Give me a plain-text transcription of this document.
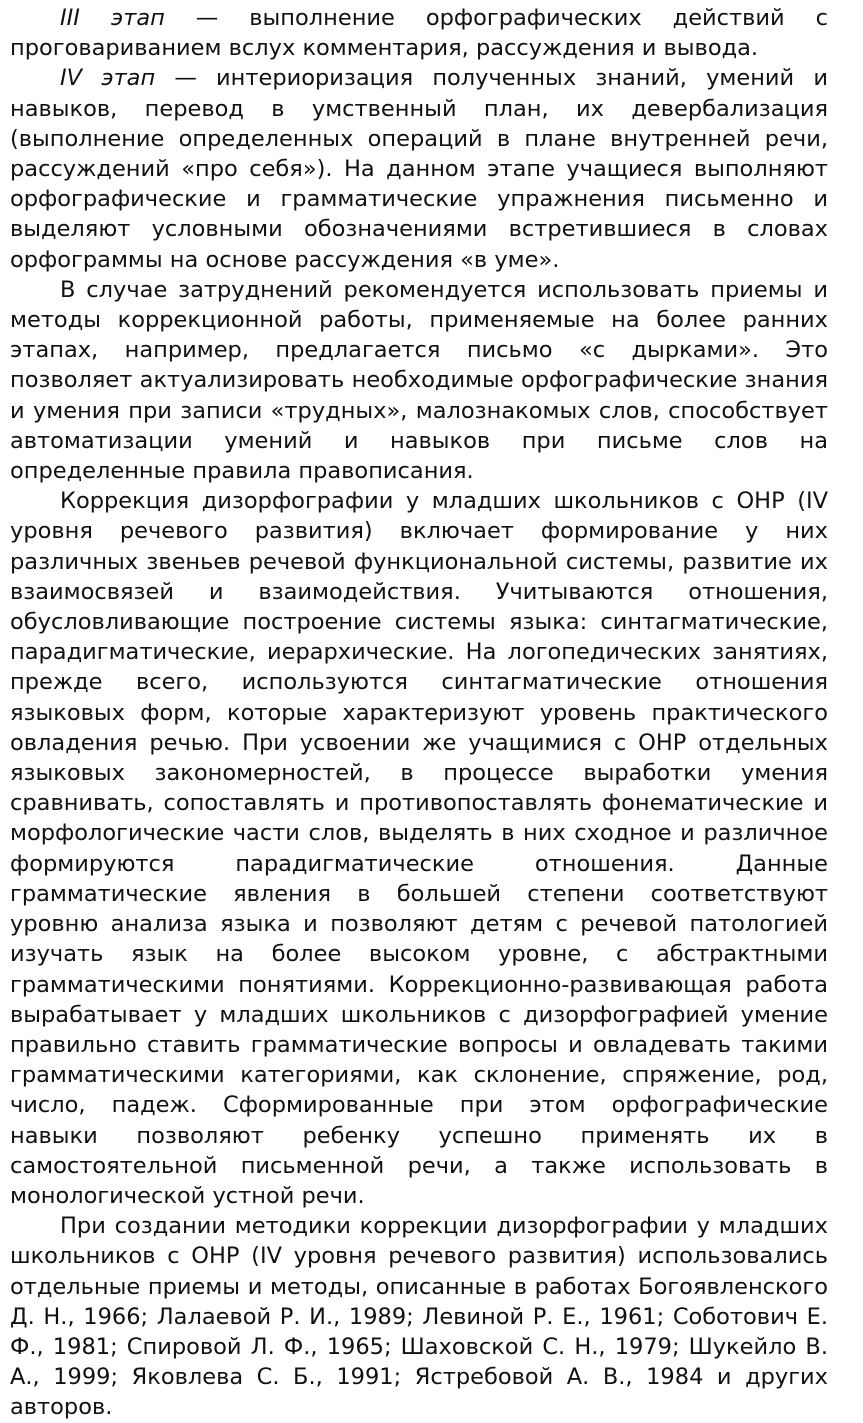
III этап — выполнение орфографических действий с проговариванием вслух комментария, рассуждения и вывода.

IV этап — интериоризация полученных знаний, умений и навыков, перевод в умственный план, их девербализация (выполнение определенных операций в плане внутренней речи, рассуждений «про себя»). На данном этапе учащиеся выполняют орфографические и грамматические упражнения письменно и выделяют условными обозначениями встретившиеся в словах орфограммы на основе рассуждения «в уме».

В случае затруднений рекомендуется использовать приемы и методы коррекционной работы, применяемые на более ранних этапах, например, предлагается письмо «с дырками». Это позволяет актуализировать необходимые орфографические знания и умения при записи «трудных», малознакомых слов, способствует автоматизации умений и навыков при письме слов на определенные правила правописания.

Коррекция дизорфографии у младших школьников с ОНР (IV уровня речевого развития) включает формирование у них различных звеньев речевой функциональной системы, развитие их взаимосвязей и взаимодействия. Учитываются отношения, обусловливающие построение системы языка: синтагматические, парадигматические, иерархические. На логопедических занятиях, прежде всего, используются синтагматические отношения языковых форм, которые характеризуют уровень практического овладения речью. При усвоении же учащимися с ОНР отдельных языковых закономерностей, в процессе выработки умения сравнивать, сопоставлять и противопоставлять фонематические и морфологические части слов, выделять в них сходное и различное формируются парадигматические отношения. Данные грамматические явления в большей степени соответствуют уровню анализа языка и позволяют детям с речевой патологией изучать язык на более высоком уровне, с абстрактными грамматическими понятиями. Коррекционно-развивающая работа вырабатывает у младших школьников с дизорфографией умение правильно ставить грамматические вопросы и овладевать такими грамматическими категориями, как склонение, спряжение, род, число, падеж. Сформированные при этом орфографические навыки позволяют ребенку успешно применять их в самостоятельной письменной речи, а также использовать в монологической устной речи.

При создании методики коррекции дизорфографии у младших школьников с ОНР (IV уровня речевого развития) использовались отдельные приемы и методы, описанные в работах Богоявленского Д. Н., 1966; Лалаевой Р. И., 1989; Левиной Р. Е., 1961; Соботович Е. Ф., 1981; Спировой Л. Ф., 1965; Шаховской С. Н., 1979; Шукейло В. А., 1999; Яковлева С. Б., 1991; Ястребовой А. В., 1984 и других авторов.
